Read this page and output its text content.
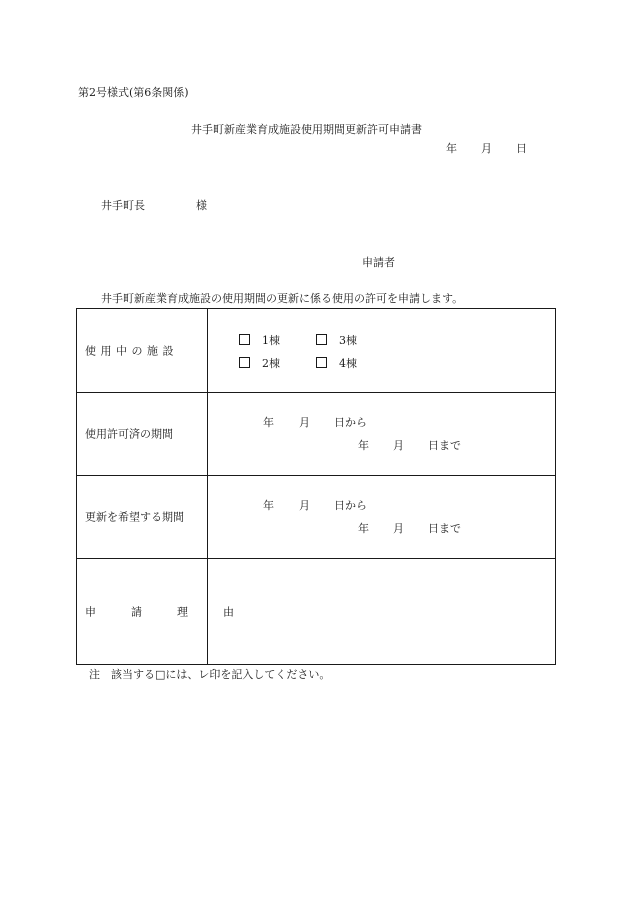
第2号様式(第6条関係)
井手町新産業育成施設使用期間更新許可申請書
年 月 日
井手町長	様
申請者
井手町新産業育成施設の使用期間の更新に係る使用の許可を申請します。
使 用 中 の 施 設
1棟	3棟
2棟	4棟
使用許可済の期間
年 月 日から
年 月 日まで
更新を希望する期間
年 月 日から
年 月 日まで
申  請  理  由
注　該当する□には、レ印を記入してください。
